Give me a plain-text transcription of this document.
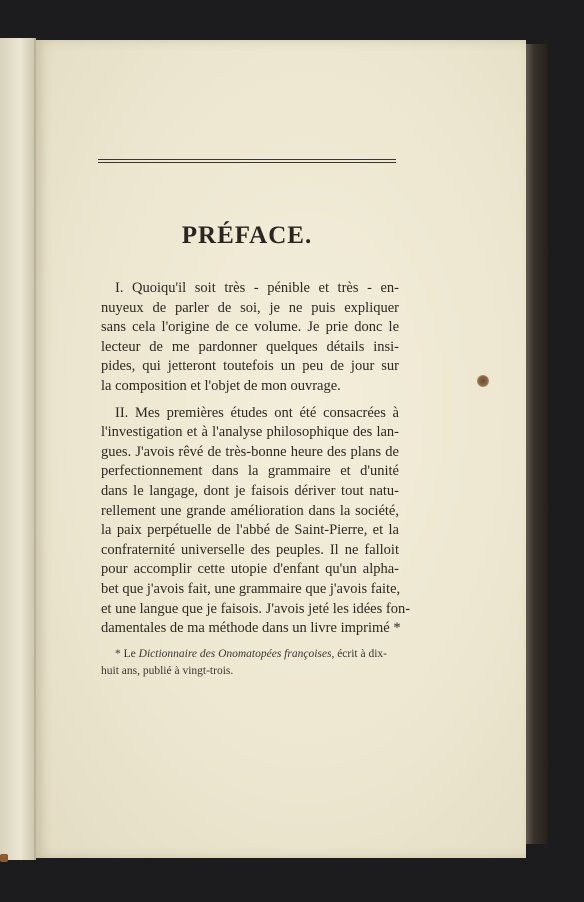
PRÉFACE.

I. Quoiqu'il soit très - pénible et très - en-
nuyeux de parler de soi, je ne puis expliquer
sans cela l'origine de ce volume. Je prie donc le
lecteur de me pardonner quelques détails insi-
pides, qui jetteront toutefois un peu de jour sur
la composition et l'objet de mon ouvrage.

II. Mes premières études ont été consacrées à
l'investigation et à l'analyse philosophique des lan-
gues. J'avois rêvé de très-bonne heure des plans de
perfectionnement dans la grammaire et d'unité
dans le langage, dont je faisois dériver tout natu-
rellement une grande amélioration dans la société,
la paix perpétuelle de l'abbé de Saint-Pierre, et la
confraternité universelle des peuples. Il ne falloit
pour accomplir cette utopie d'enfant qu'un alpha-
bet que j'avois fait, une grammaire que j'avois faite,
et une langue que je faisois. J'avois jeté les idées fon-
damentales de ma méthode dans un livre imprimé *

* Le Dictionnaire des Onomatopées françoises, écrit à dix-
huit ans, publié à vingt-trois.
